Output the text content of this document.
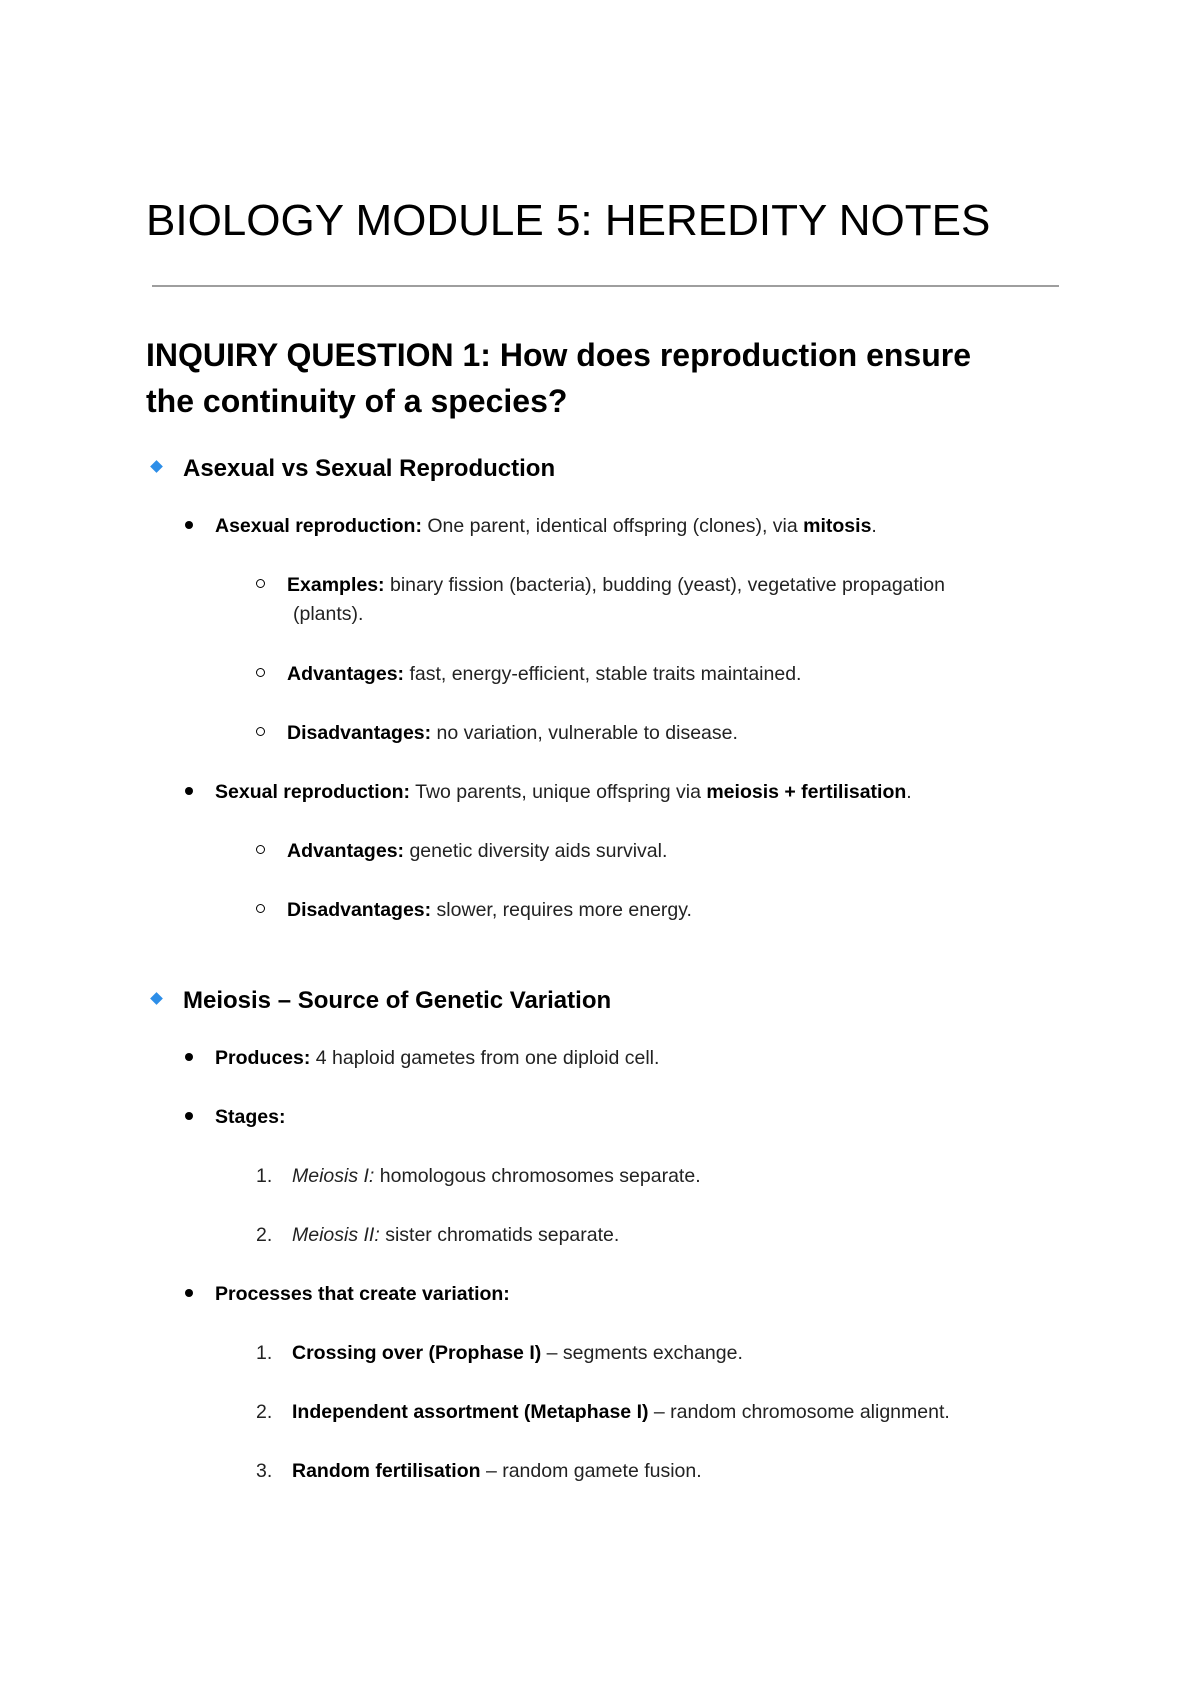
BIOLOGY MODULE 5: HEREDITY NOTES
INQUIRY QUESTION 1: How does reproduction ensure
the continuity of a species?
Asexual vs Sexual Reproduction
Asexual reproduction: One parent, identical offspring (clones), via mitosis.
Examples: binary fission (bacteria), budding (yeast), vegetative propagation
(plants).
Advantages: fast, energy-efficient, stable traits maintained.
Disadvantages: no variation, vulnerable to disease.
Sexual reproduction: Two parents, unique offspring via meiosis + fertilisation.
Advantages: genetic diversity aids survival.
Disadvantages: slower, requires more energy.
Meiosis – Source of Genetic Variation
Produces: 4 haploid gametes from one diploid cell.
Stages:
1. Meiosis I: homologous chromosomes separate.
2. Meiosis II: sister chromatids separate.
Processes that create variation:
1. Crossing over (Prophase I) – segments exchange.
2. Independent assortment (Metaphase I) – random chromosome alignment.
3. Random fertilisation – random gamete fusion.
